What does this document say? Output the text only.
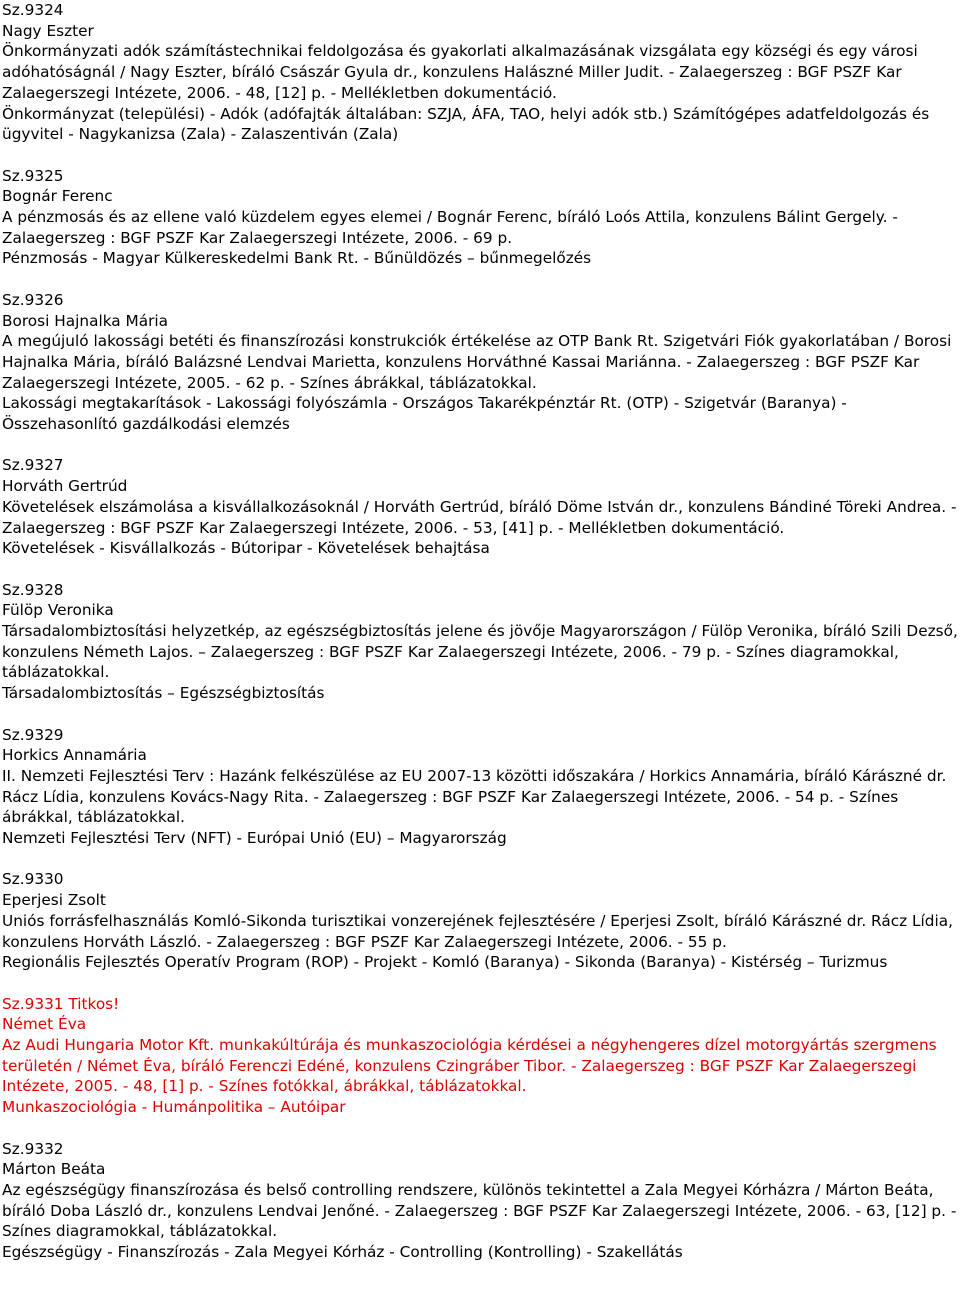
Sz.9324

Nagy Eszter

Önkormányzati adók számítástechnikai feldolgozása és gyakorlati alkalmazásának vizsgálata egy községi és egy városi adóhatóságnál / Nagy Eszter, bíráló Császár Gyula dr., konzulens Halászné Miller Judit. - Zalaegerszeg : BGF PSZF Kar Zalaegerszegi Intézete, 2006. - 48, [12] p. - Mellékletben dokumentáció.

Önkormányzat (települési) - Adók (adófajták általában: SZJA, ÁFA, TAO, helyi adók stb.) Számítógépes adatfeldolgozás és ügyvitel - Nagykanizsa (Zala) - Zalaszentiván (Zala)

Sz.9325

Bognár Ferenc

A pénzmosás és az ellene való küzdelem egyes elemei / Bognár Ferenc, bíráló Loós Attila, konzulens Bálint Gergely. - Zalaegerszeg : BGF PSZF Kar Zalaegerszegi Intézete, 2006. - 69 p.

Pénzmosás - Magyar Külkereskedelmi Bank Rt. - Bűnüldözés – bűnmegelőzés

Sz.9326

Borosi Hajnalka Mária

A megújuló lakossági betéti és finanszírozási konstrukciók értékelése az OTP Bank Rt. Szigetvári Fiók gyakorlatában / Borosi Hajnalka Mária, bíráló Balázsné Lendvai Marietta, konzulens Horváthné Kassai Mariánna. - Zalaegerszeg : BGF PSZF Kar Zalaegerszegi Intézete, 2005. - 62 p. - Színes ábrákkal, táblázatokkal.

Lakossági megtakarítások - Lakossági folyószámla - Országos Takarékpénztár Rt. (OTP) - Szigetvár (Baranya) - Összehasonlító gazdálkodási elemzés

Sz.9327

Horváth Gertrúd

Követelések elszámolása a kisvállalkozásoknál / Horváth Gertrúd, bíráló Döme István dr., konzulens Bándiné Töreki Andrea. - Zalaegerszeg : BGF PSZF Kar Zalaegerszegi Intézete, 2006. - 53, [41] p. - Mellékletben dokumentáció.

Követelések - Kisvállalkozás - Bútoripar - Követelések behajtása

Sz.9328

Fülöp Veronika

Társadalombiztosítási helyzetkép, az egészségbiztosítás jelene és jövője Magyarországon / Fülöp Veronika, bíráló Szili Dezső, konzulens Németh Lajos. – Zalaegerszeg : BGF PSZF Kar Zalaegerszegi Intézete, 2006. - 79 p. - Színes diagramokkal, táblázatokkal.

Társadalombiztosítás – Egészségbiztosítás

Sz.9329

Horkics Annamária

II. Nemzeti Fejlesztési Terv : Hazánk felkészülése az EU 2007-13 közötti időszakára / Horkics Annamária, bíráló Kárászné dr. Rácz Lídia, konzulens Kovács-Nagy Rita. - Zalaegerszeg : BGF PSZF Kar Zalaegerszegi Intézete, 2006. - 54 p. - Színes ábrákkal, táblázatokkal.

Nemzeti Fejlesztési Terv (NFT) - Európai Unió (EU) – Magyarország

Sz.9330

Eperjesi Zsolt

Uniós forrásfelhasználás Komló-Sikonda turisztikai vonzerejének fejlesztésére / Eperjesi Zsolt, bíráló Kárászné dr. Rácz Lídia, konzulens Horváth László. - Zalaegerszeg : BGF PSZF Kar Zalaegerszegi Intézete, 2006. - 55 p.

Regionális Fejlesztés Operatív Program (ROP) - Projekt - Komló (Baranya) - Sikonda (Baranya) - Kistérség – Turizmus

Sz.9331 Titkos!

Német Éva

Az Audi Hungaria Motor Kft. munkakúltúrája és munkaszociológia kérdései a négyhengeres dízel motorgyártás szergmens területén / Német Éva, bíráló Ferenczi Edéné, konzulens Czingráber Tibor. - Zalaegerszeg : BGF PSZF Kar Zalaegerszegi Intézete, 2005. - 48, [1] p. - Színes fotókkal, ábrákkal, táblázatokkal.

Munkaszociológia - Humánpolitika – Autóipar

Sz.9332

Márton Beáta

Az egészségügy finanszírozása és belső controlling rendszere, különös tekintettel a Zala Megyei Kórházra / Márton Beáta, bíráló Doba László dr., konzulens Lendvai Jenőné. - Zalaegerszeg : BGF PSZF Kar Zalaegerszegi Intézete, 2006. - 63, [12] p. - Színes diagramokkal, táblázatokkal.

Egészségügy - Finanszírozás - Zala Megyei Kórház - Controlling (Kontrolling) - Szakellátás
